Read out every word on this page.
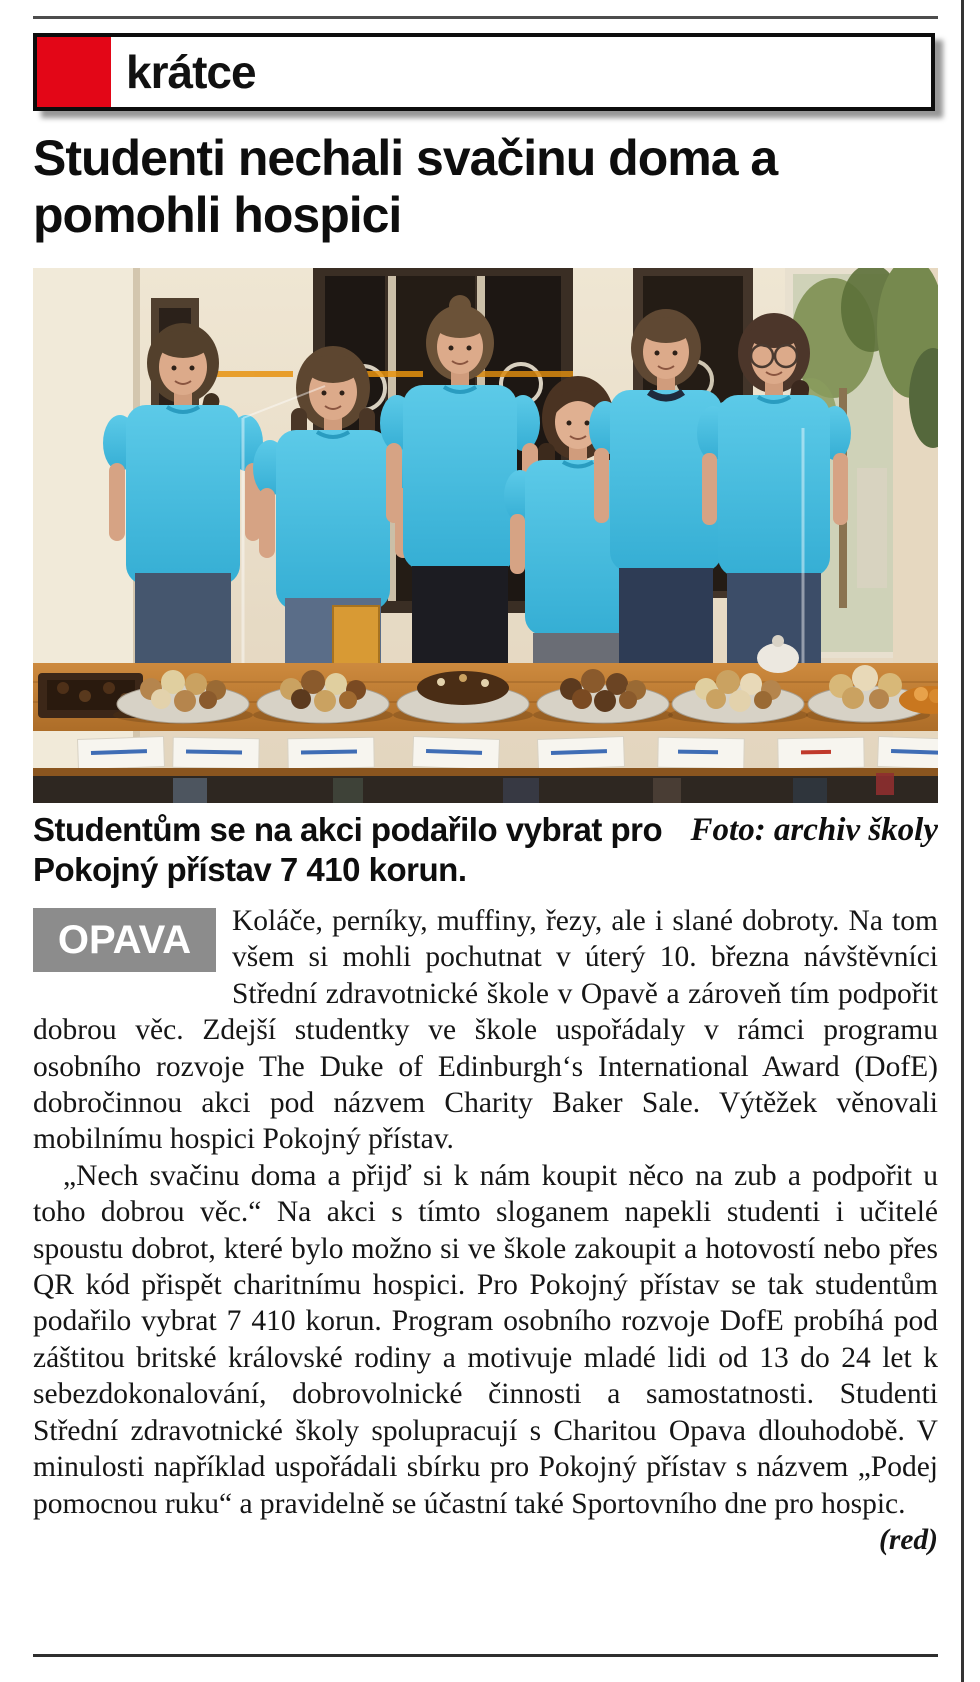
krátce
Studenti nechali svačinu doma a pomohli hospici

Foto: archiv školy
Studentům se na akci podařilo vybrat pro Pokojný přístav 7 410 korun.

OPAVA Koláče, perníky, muffiny, řezy, ale i slané dobroty. Na tom všem si mohli pochutnat v úterý 10. března návštěvníci Střední zdravotnické škole v Opavě a zároveň tím podpořit dobrou věc. Zdejší studentky ve škole uspořádaly v rámci programu osobního rozvoje The Duke of Edinburgh‘s International Award (DofE) dobročinnou akci pod názvem Charity Baker Sale. Výtěžek věnovali mobilnímu hospici Pokojný přístav.

„Nech svačinu doma a přijď si k nám koupit něco na zub a podpořit u toho dobrou věc.“ Na akci s tímto sloganem napekli studenti i učitelé spoustu dobrot, které bylo možno si ve škole zakoupit a hotovostí nebo přes QR kód přispět charitnímu hospici. Pro Pokojný přístav se tak studentům podařilo vybrat 7 410 korun. Program osobního rozvoje DofE probíhá pod záštitou britské královské rodiny a motivuje mladé lidi od 13 do 24 let k sebezdokonalování, dobrovolnické činnosti a samostatnosti. Studenti Střední zdravotnické školy spolupracují s Charitou Opava dlouhodobě. V minulosti například uspořádali sbírku pro Pokojný přístav s názvem „Podej pomocnou ruku“ a pravidelně se účastní také Sportovního dne pro hospic.
(red)
